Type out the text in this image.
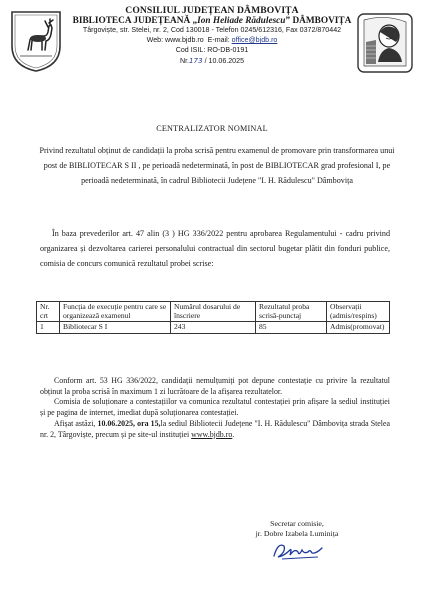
CONSILIUL JUDEȚEAN DÂMBOVIȚA
BIBLIOTECA JUDEȚEANĂ „Ion Heliade Rădulescu” DÂMBOVIȚA
Târgoviște, str. Stelei, nr. 2, Cod 130018 - Telefon 0245/612316, Fax 0372/870442
Web: www.bjdb.ro  E-mail: office@bjdb.ro
Cod ISIL: RO-DB-0191
Nr.173 / 10.06.2025
CENTRALIZATOR NOMINAL
Privind rezultatul obținut de candidații la proba scrisă pentru examenul de promovare prin transformarea unui post de BIBLIOTECAR S II , pe perioadă nedeterminată, în post de BIBLIOTECAR grad profesional I, pe perioadă nedeterminată, în cadrul Bibliotecii Județene "I. H. Rădulescu" Dâmbovița
În baza prevederilor art. 47 alin (3 ) HG 336/2022 pentru aprobarea Regulamentului - cadru privind organizarea și dezvoltarea carierei personalului contractual din sectorul bugetar plătit din fonduri publice, comisia de concurs comunică rezultatul probei scrise:
Nr. crt	Funcția de execuție pentru care se organizează examenul	Numărul dosarului de înscriere	Rezultatul proba scrisă-punctaj	Observații (admis/respins)
1	Bibliotecar S I	243	85	Admis(promovat)
Conform art. 53 HG 336/2022, candidații nemulțumiți pot depune contestație cu privire la rezultatul obținut la proba scrisă în maximum 1 zi lucrătoare de la afișarea rezultatelor.
Comisia de soluționare a contestațiilor va comunica rezultatul contestației prin afișare la sediul instituției și pe pagina de internet, imediat după soluționarea contestației.
Afișat astăzi, 10.06.2025, ora 15,la sediul Bibliotecii Județene "I. H. Rădulescu" Dâmbovița strada Stelea nr. 2, Târgoviște, precum și pe site-ul instituției www.bjdb.ro.
Secretar comisie,
jr. Dobre Izabela Luminița
